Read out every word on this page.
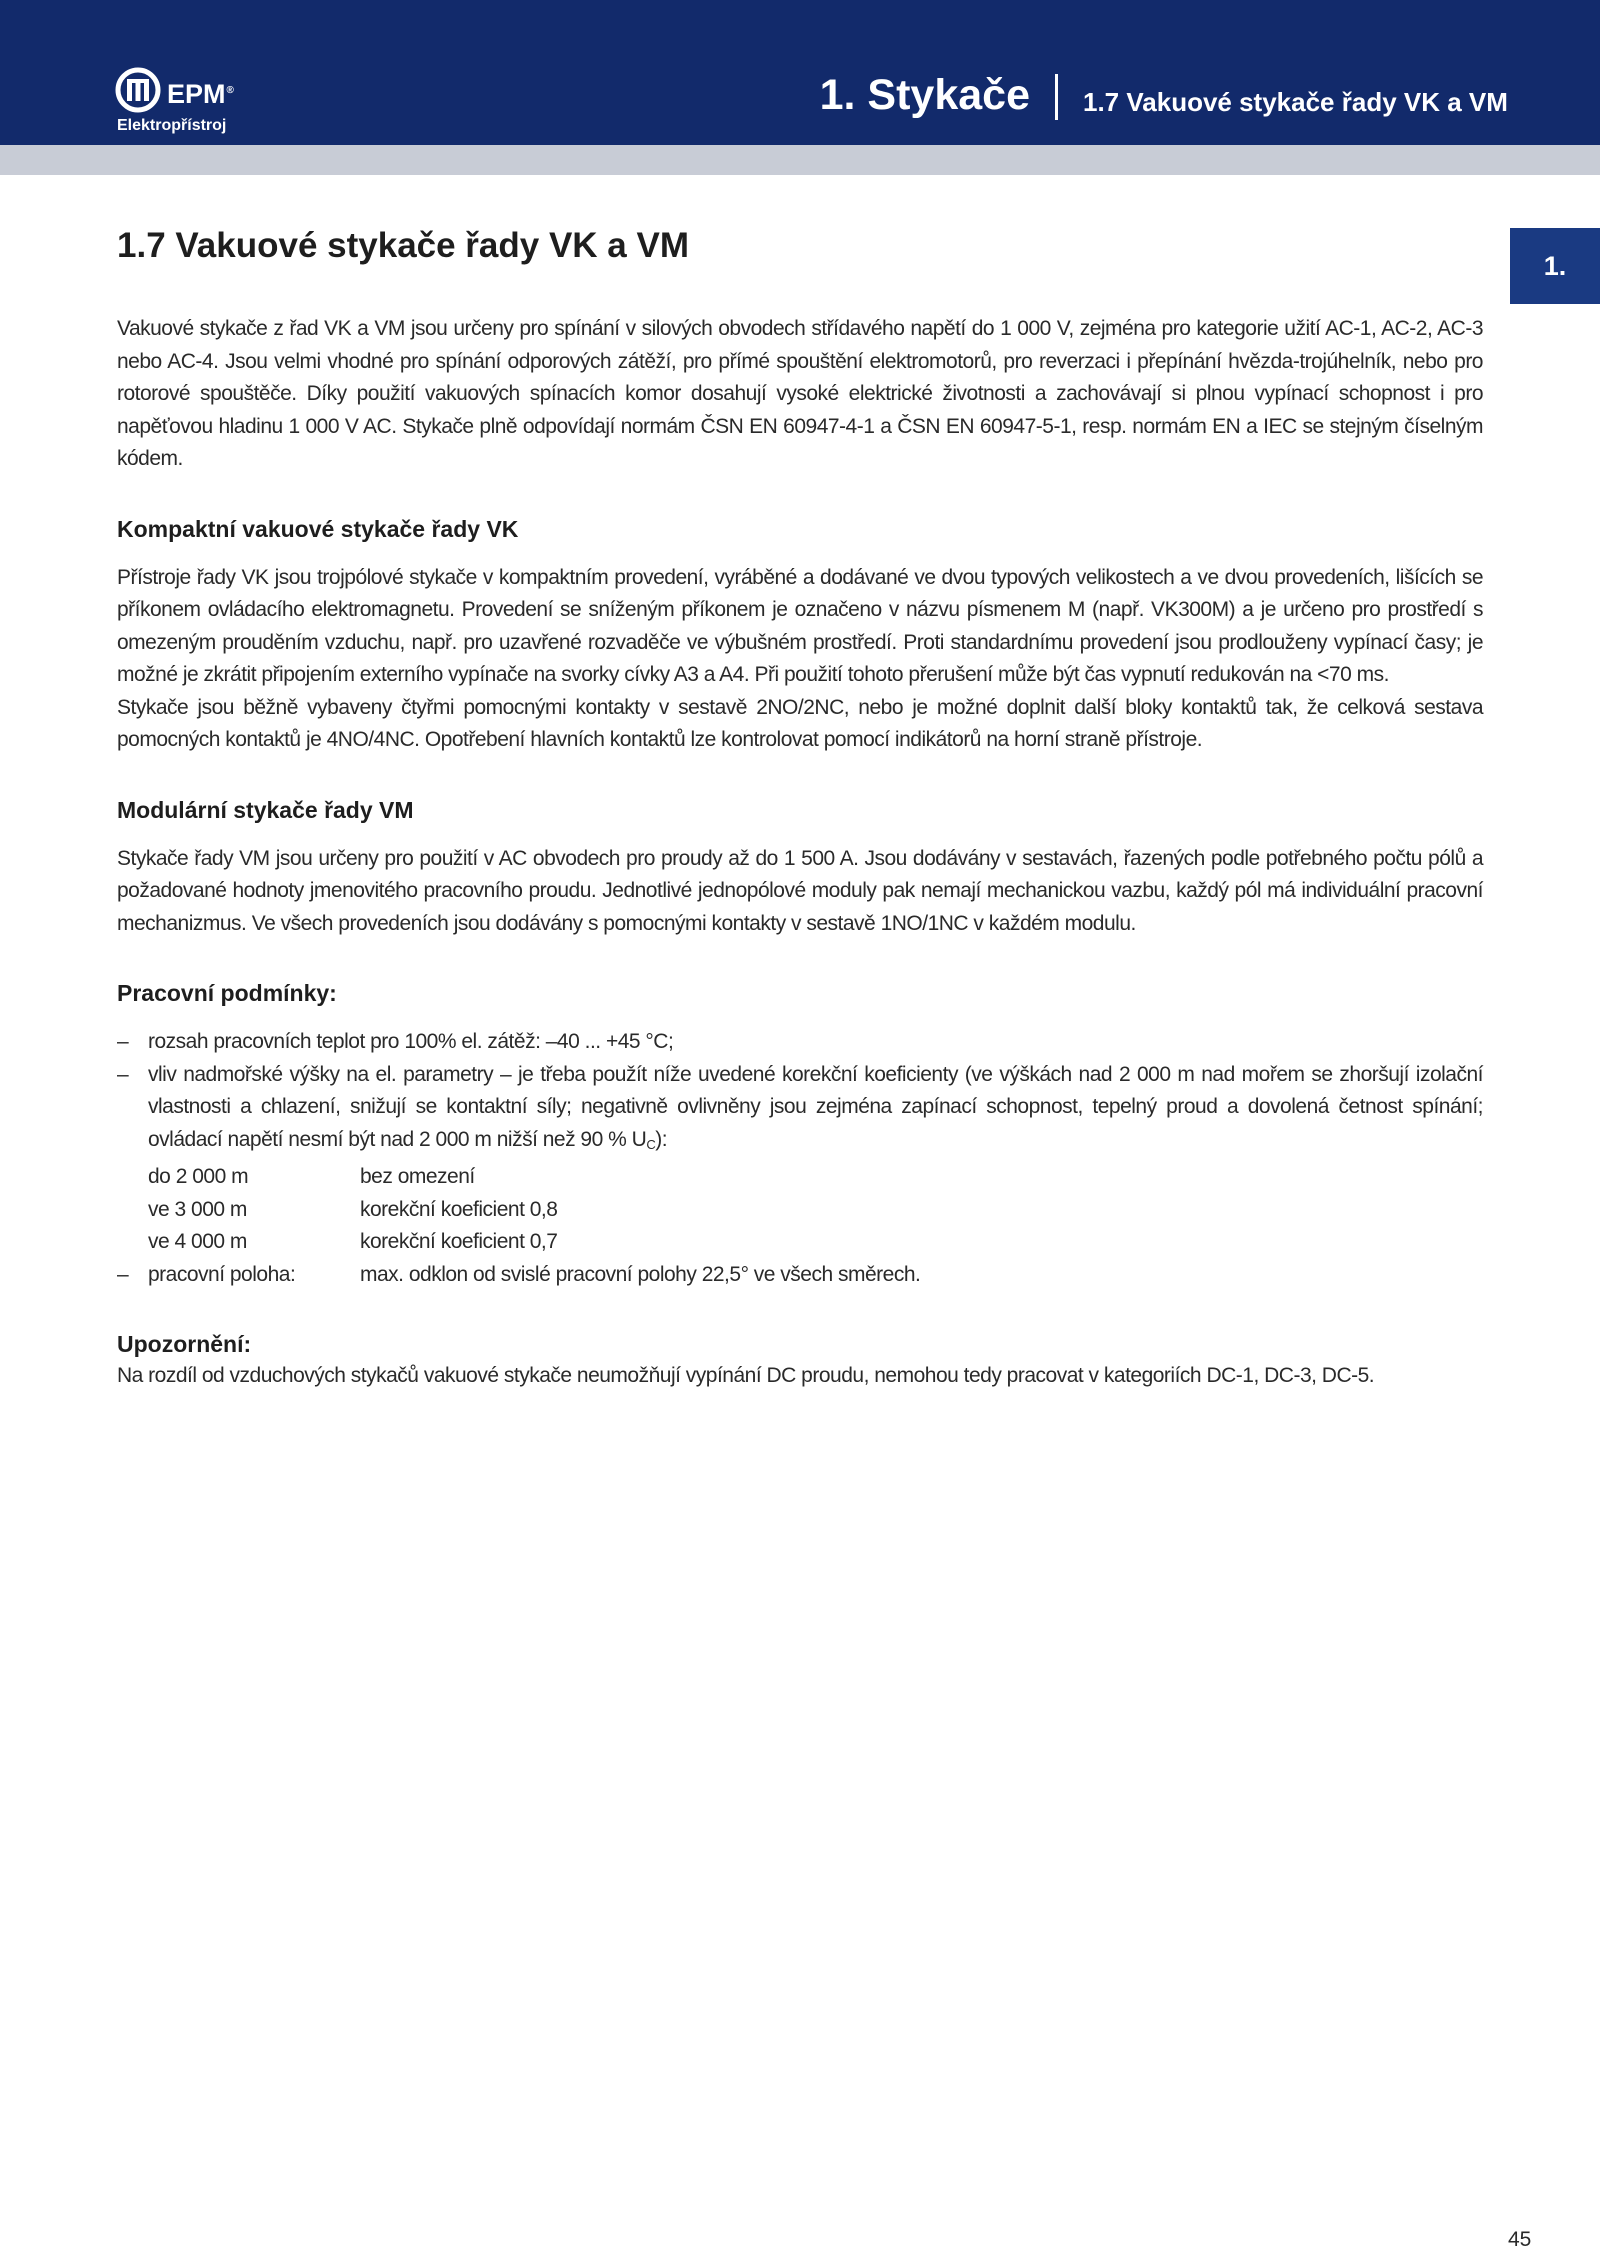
EPM®
Elektropřístroj
1. Stykače 1.7 Vakuové stykače řady VK a VM
1.
1.7 Vakuové stykače řady VK a VM

Vakuové stykače z řad VK a VM jsou určeny pro spínání v silových obvodech střídavého napětí do 1 000 V, zejména pro kategorie užití AC-1, AC-2, AC-3 nebo AC-4. Jsou velmi vhodné pro spínání odporových zátěží, pro přímé spouštění elektromotorů, pro reverzaci i přepínání hvězda-trojúhelník, nebo pro rotorové spouštěče. Díky použití vakuových spínacích komor dosahují vysoké elektrické životnosti a zachovávají si plnou vypínací schopnost i pro napěťovou hladinu 1 000 V AC. Stykače plně odpovídají normám ČSN EN 60947-4-1 a ČSN EN 60947-5-1, resp. normám EN a IEC se stejným číselným kódem.

Kompaktní vakuové stykače řady VK

Přístroje řady VK jsou trojpólové stykače v kompaktním provedení, vyráběné a dodávané ve dvou typových velikostech a ve dvou provedeních, lišících se příkonem ovládacího elektromagnetu. Provedení se sníženým příkonem je označeno v názvu písmenem M (např. VK300M) a je určeno pro prostředí s omezeným prouděním vzduchu, např. pro uzavřené rozvaděče ve výbušném prostředí. Proti standardnímu provedení jsou prodlouženy vypínací časy; je možné je zkrátit připojením externího vypínače na svorky cívky A3 a A4. Při použití tohoto přerušení může být čas vypnutí redukován na <70 ms.

Stykače jsou běžně vybaveny čtyřmi pomocnými kontakty v sestavě 2NO/2NC, nebo je možné doplnit další bloky kontaktů tak, že celková sestava pomocných kontaktů je 4NO/4NC. Opotřebení hlavních kontaktů lze kontrolovat pomocí indikátorů na horní straně přístroje.

Modulární stykače řady VM

Stykače řady VM jsou určeny pro použití v AC obvodech pro proudy až do 1 500 A. Jsou dodávány v sestavách, řazených podle potřebného počtu pólů a požadované hodnoty jmenovitého pracovního proudu. Jednotlivé jednopólové moduly pak nemají mechanickou vazbu, každý pól má individuální pracovní mechanizmus. Ve všech provedeních jsou dodávány s pomocnými kontakty v sestavě 1NO/1NC v každém modulu.

Pracovní podmínky:
– rozsah pracovních teplot pro 100% el. zátěž: –40 ... +45 °C;
– vliv nadmořské výšky na el. parametry – je třeba použít níže uvedené korekční koeficienty (ve výškách nad 2 000 m nad mořem se zhoršují izolační vlastnosti a chlazení, snižují se kontaktní síly; negativně ovlivněny jsou zejména zapínací schopnost, tepelný proud a dovolená četnost spínání; ovládací napětí nesmí být nad 2 000 m nižší než 90 % $U_C$):
do 2 000 m	bez omezení
ve 3 000 m	korekční koeficient 0,8
ve 4 000 m	korekční koeficient 0,7
– pracovní poloha:	max. odklon od svislé pracovní polohy 22,5° ve všech směrech.
Upozornění:

Na rozdíl od vzduchových stykačů vakuové stykače neumožňují vypínání DC proudu, nemohou tedy pracovat v kategoriích DC-1, DC-3, DC-5.

45
